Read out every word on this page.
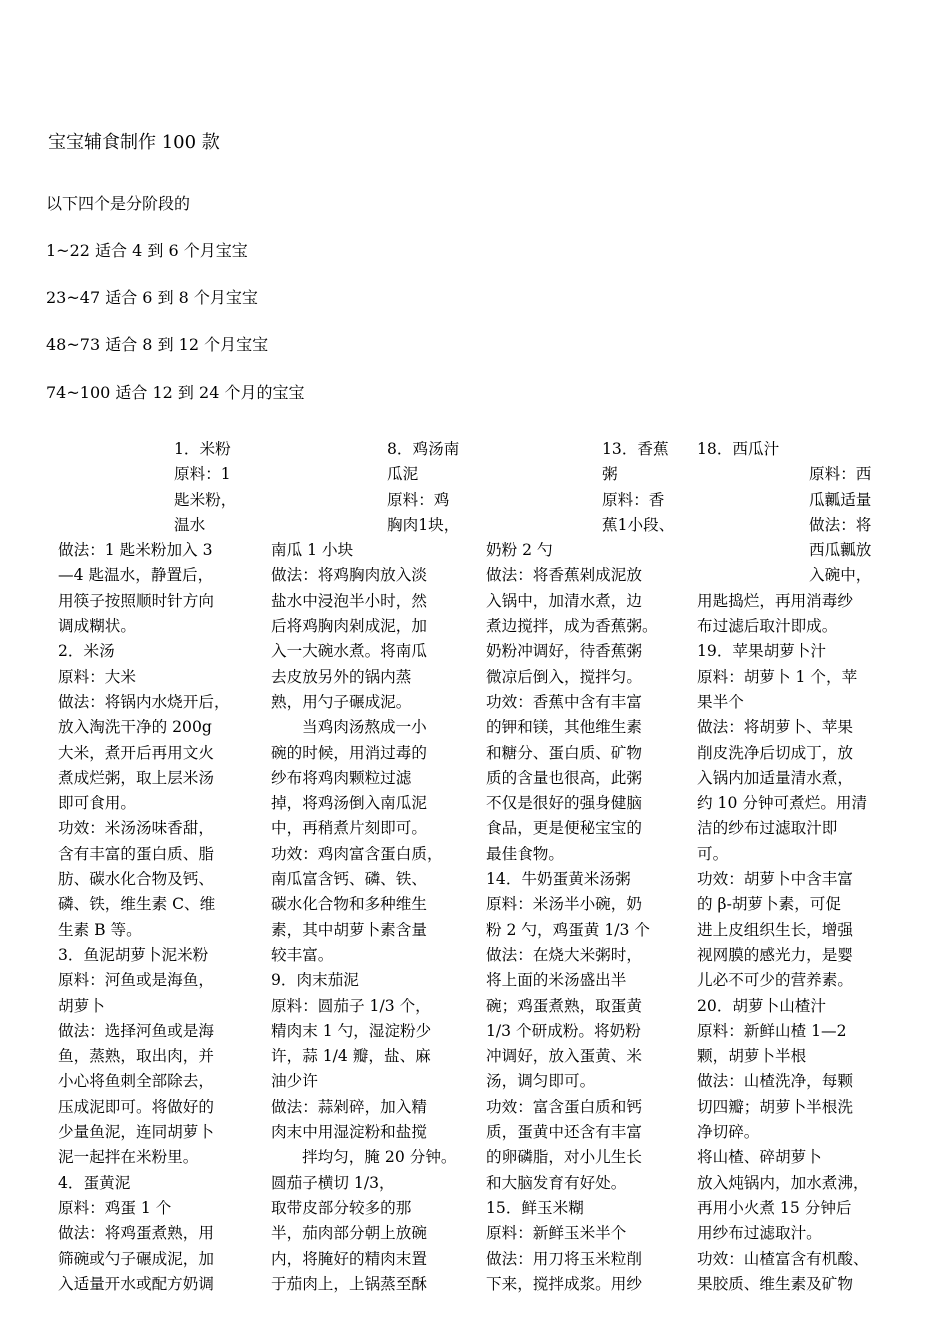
宝宝辅食制作 100 款
以下四个是分阶段的
1~22 适合 4 到 6 个月宝宝
23~47 适合 6 到 8 个月宝宝
48~73 适合 8 到 12 个月宝宝
74~100 适合 12 到 24 个月的宝宝

1．米粉

原料：1

匙米粉，

温水

做法：1 匙米粉加入 3

—4 匙温水，静置后，

用筷子按照顺时针方向

调成糊状。

2．米汤

原料：大米

做法：将锅内水烧开后，

放入淘洗干净的 200g

大米，煮开后再用文火

煮成烂粥，取上层米汤

即可食用。

功效：米汤汤味香甜，

含有丰富的蛋白质、脂

肪、碳水化合物及钙、

磷、铁，维生素 C、维

生素 B 等。

3．鱼泥胡萝卜泥米粉

原料：河鱼或是海鱼，

胡萝卜

做法：选择河鱼或是海

鱼，蒸熟，取出肉，并

小心将鱼刺全部除去，

压成泥即可。将做好的

少量鱼泥，连同胡萝卜

泥一起拌在米粉里。

4．蛋黄泥

原料：鸡蛋 1 个

做法：将鸡蛋煮熟，用

筛碗或勺子碾成泥，加

入适量开水或配方奶调

8．鸡汤南

瓜泥

原料：鸡

胸肉1块，

南瓜 1 小块

做法：将鸡胸肉放入淡

盐水中浸泡半小时，然

后将鸡胸肉剁成泥，加

入一大碗水煮。将南瓜

去皮放另外的锅内蒸

熟，用勺子碾成泥。

当鸡肉汤熬成一小

碗的时候，用消过毒的

纱布将鸡肉颗粒过滤

掉，将鸡汤倒入南瓜泥

中，再稍煮片刻即可。

功效：鸡肉富含蛋白质，

南瓜富含钙、磷、铁、

碳水化合物和多种维生

素，其中胡萝卜素含量

较丰富。

9．肉末茄泥

原料：圆茄子 1/3 个，

精肉末 1 勺，湿淀粉少

许，蒜 1/4 瓣，盐、麻

油少许

做法：蒜剁碎，加入精

肉末中用湿淀粉和盐搅

拌均匀，腌 20 分钟。

圆茄子横切 1/3，

取带皮部分较多的那

半，茄肉部分朝上放碗

内，将腌好的精肉末置

于茄肉上，上锅蒸至酥

13．香蕉

粥

原料：香

蕉1小段、

奶粉 2 勺

做法：将香蕉剁成泥放

入锅中，加清水煮，边

煮边搅拌，成为香蕉粥。

奶粉冲调好，待香蕉粥

微凉后倒入，搅拌匀。

功效：香蕉中含有丰富

的钾和镁，其他维生素

和糖分、蛋白质、矿物

质的含量也很高，此粥

不仅是很好的强身健脑

食品，更是便秘宝宝的

最佳食物。

14．牛奶蛋黄米汤粥

原料：米汤半小碗，奶

粉 2 勺，鸡蛋黄 1/3 个

做法：在烧大米粥时，

将上面的米汤盛出半

碗；鸡蛋煮熟，取蛋黄

1/3 个研成粉。将奶粉

冲调好，放入蛋黄、米

汤，调匀即可。

功效：富含蛋白质和钙

质，蛋黄中还含有丰富

的卵磷脂，对小儿生长

和大脑发育有好处。

15．鲜玉米糊

原料：新鲜玉米半个

做法：用刀将玉米粒削

下来，搅拌成浆。用纱

18．西瓜汁

原料：西

瓜瓤适量

做法：将

西瓜瓤放

入碗中，

用匙捣烂，再用消毒纱

布过滤后取汁即成。

19．苹果胡萝卜汁

原料：胡萝卜 1 个，苹

果半个

做法：将胡萝卜、苹果

削皮洗净后切成丁，放

入锅内加适量清水煮，

约 10 分钟可煮烂。用清

洁的纱布过滤取汁即

可。

功效：胡萝卜中含丰富

的 β-胡萝卜素，可促

进上皮组织生长，增强

视网膜的感光力，是婴

儿必不可少的营养素。

20．胡萝卜山楂汁

原料：新鲜山楂 1—2

颗，胡萝卜半根

做法：山楂洗净，每颗

切四瓣；胡萝卜半根洗

净切碎。

将山楂、碎胡萝卜

放入炖锅内，加水煮沸，

再用小火煮 15 分钟后

用纱布过滤取汁。

功效：山楂富含有机酸、

果胶质、维生素及矿物
